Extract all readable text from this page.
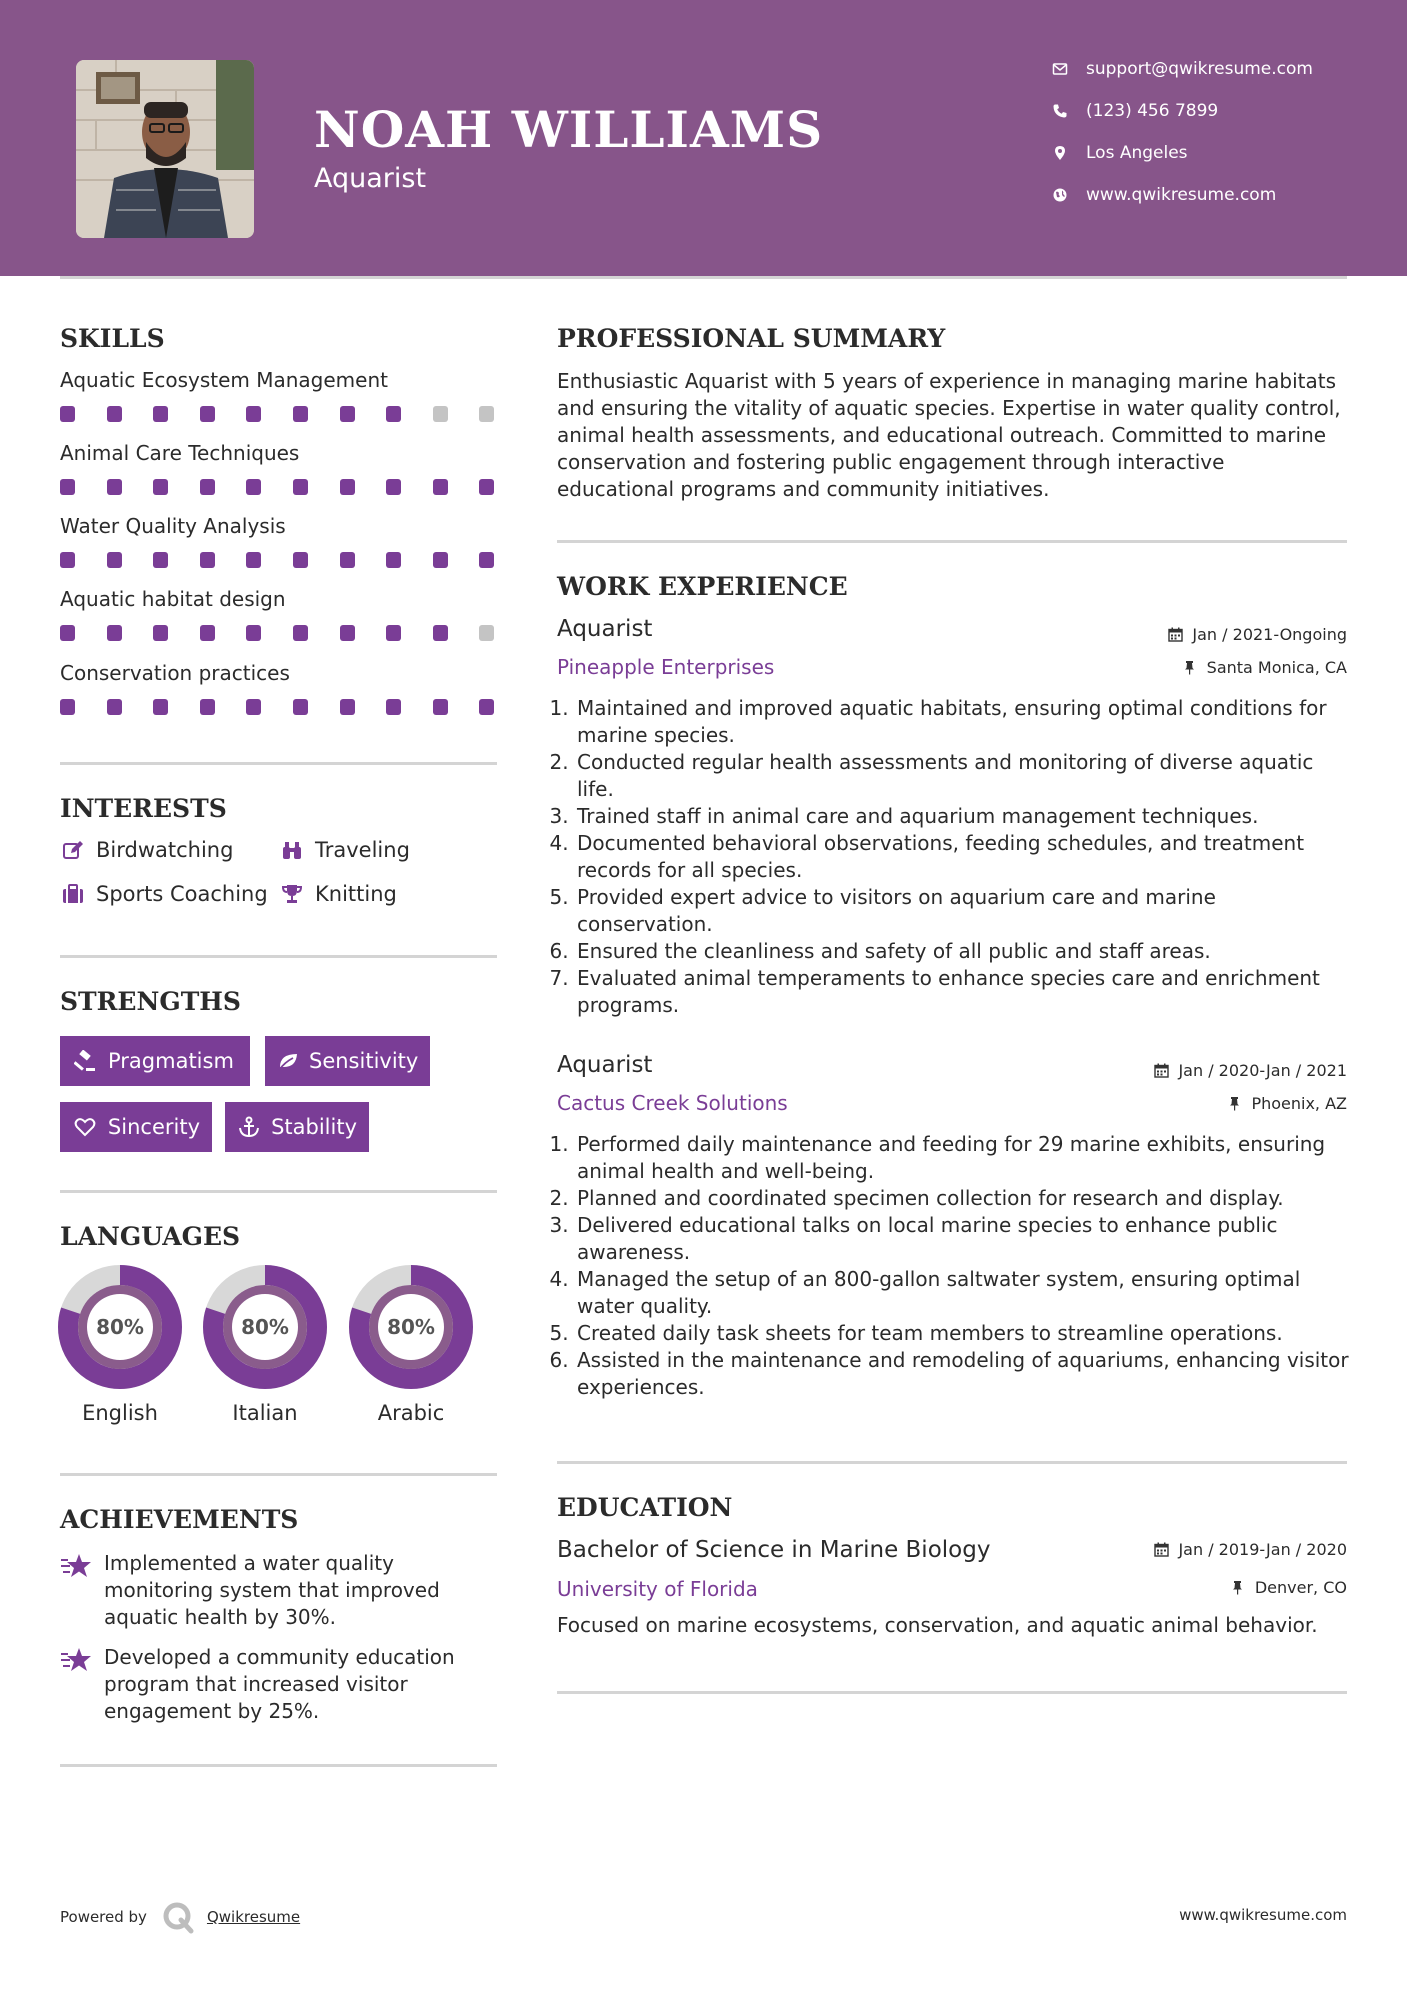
NOAH WILLIAMS
Aquarist
support@qwikresume.com
(123) 456 7899
Los Angeles
www.qwikresume.com
SKILLS
Aquatic Ecosystem Management
Animal Care Techniques
Water Quality Analysis
Aquatic habitat design
Conservation practices
INTERESTS
Birdwatching	Traveling
Sports Coaching Knitting
STRENGTHS
Pragmatism	Sensitivity
Sincerity	Stability
LANGUAGES
80%
English
80%
Italian
80%
Arabic
ACHIEVEMENTS
Implemented a water quality monitoring system that improved aquatic health by 30%.
Developed a community education program that increased visitor engagement by 25%.
PROFESSIONAL SUMMARY
Enthusiastic Aquarist with 5 years of experience in managing marine habitats and ensuring the vitality of aquatic species. Expertise in water quality control, animal health assessments, and educational outreach. Committed to marine conservation and fostering public engagement through interactive educational programs and community initiatives.
WORK EXPERIENCE
Aquarist	Jan / 2021-Ongoing
Pineapple Enterprises	Santa Monica, CA
1. Maintained and improved aquatic habitats, ensuring optimal conditions for marine species.
2. Conducted regular health assessments and monitoring of diverse aquatic life.
3. Trained staff in animal care and aquarium management techniques.
4. Documented behavioral observations, feeding schedules, and treatment records for all species.
5. Provided expert advice to visitors on aquarium care and marine conservation.
6. Ensured the cleanliness and safety of all public and staff areas.
7. Evaluated animal temperaments to enhance species care and enrichment programs.
Aquarist	Jan / 2020-Jan / 2021
Cactus Creek Solutions	Phoenix, AZ
1. Performed daily maintenance and feeding for 29 marine exhibits, ensuring animal health and well-being.
2. Planned and coordinated specimen collection for research and display.
3. Delivered educational talks on local marine species to enhance public awareness.
4. Managed the setup of an 800-gallon saltwater system, ensuring optimal water quality.
5. Created daily task sheets for team members to streamline operations.
6. Assisted in the maintenance and remodeling of aquariums, enhancing visitor experiences.
EDUCATION
Bachelor of Science in Marine Biology	Jan / 2019-Jan / 2020
University of Florida	Denver, CO
Focused on marine ecosystems, conservation, and aquatic animal behavior.
Powered by	Qwikresume	www.qwikresume.com
